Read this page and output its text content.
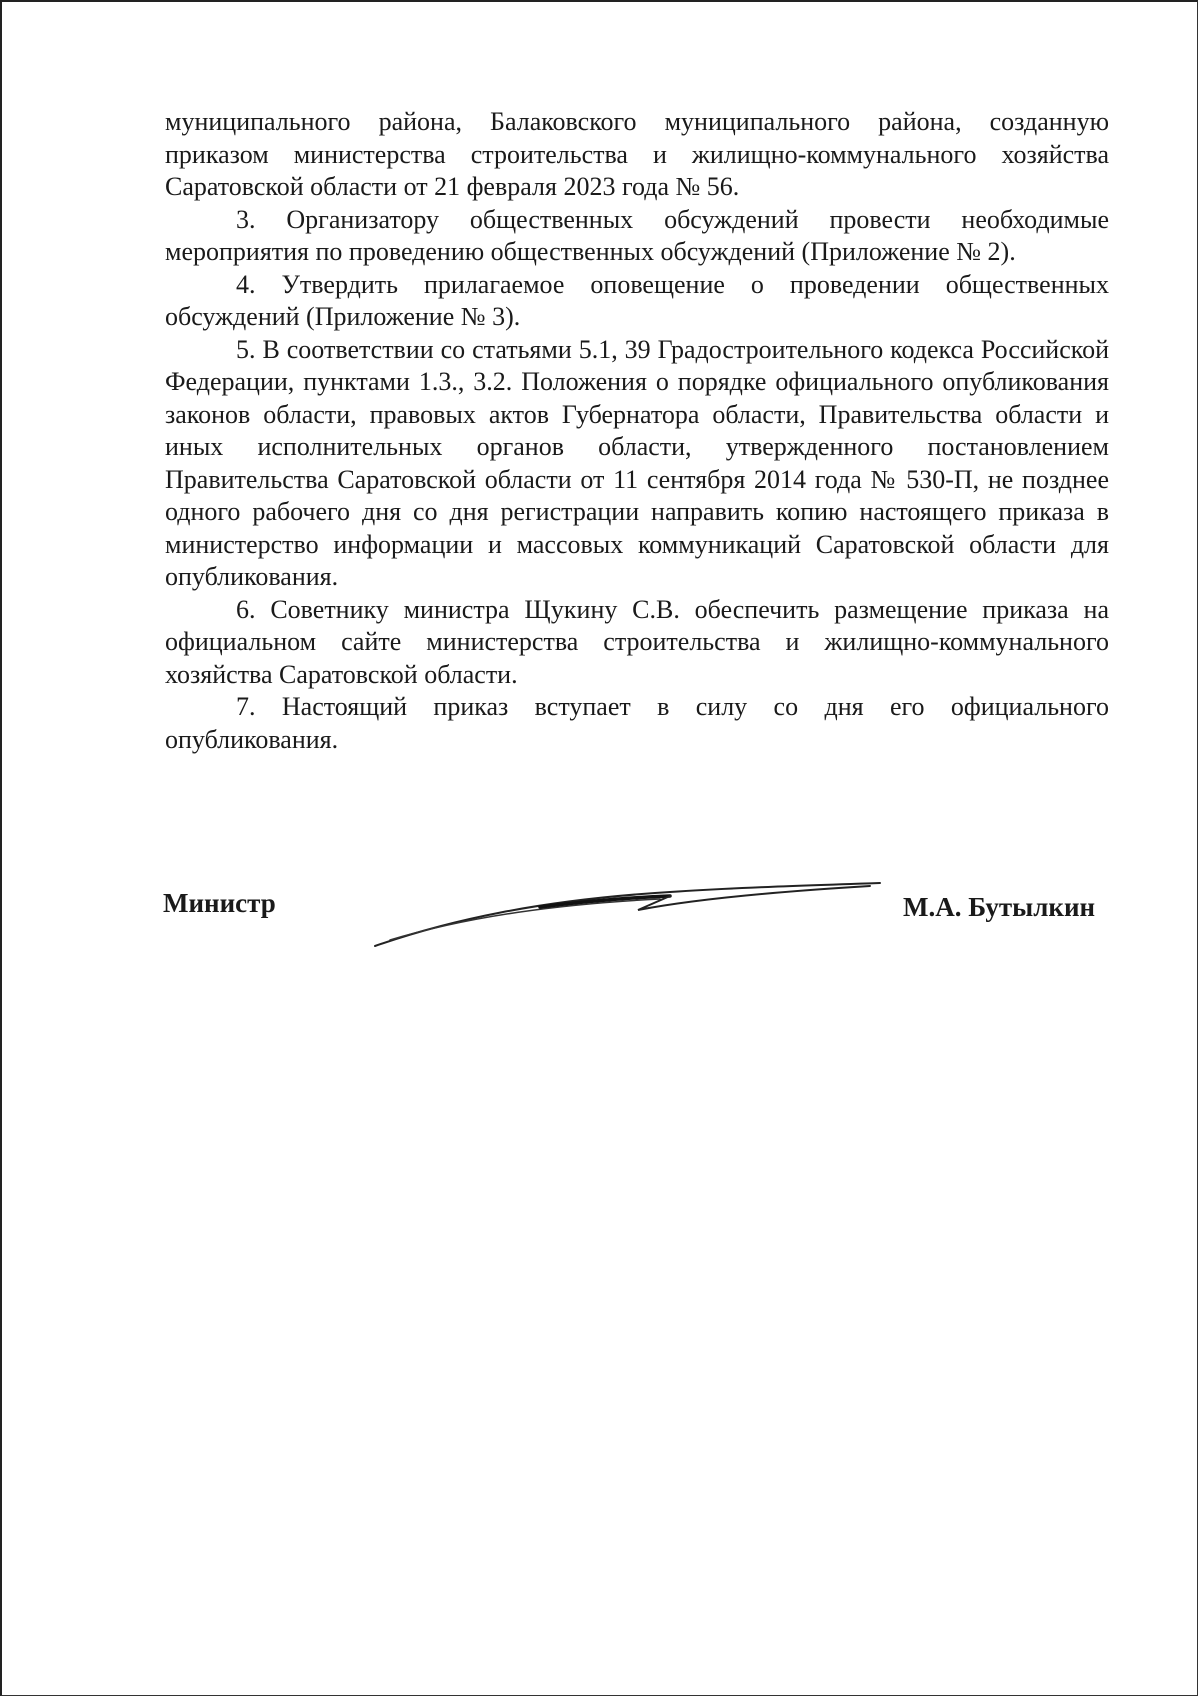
муниципального района, Балаковского муниципального района, созданную приказом министерства строительства и жилищно-коммунального хозяйства Саратовской области от 21 февраля 2023 года № 56.

3. Организатору общественных обсуждений провести необходимые мероприятия по проведению общественных обсуждений (Приложение № 2).

4. Утвердить прилагаемое оповещение о проведении общественных обсуждений (Приложение № 3).

5. В соответствии со статьями 5.1, 39 Градостроительного кодекса Российской Федерации, пунктами 1.3., 3.2. Положения о порядке официального опубликования законов области, правовых актов Губернатора области, Правительства области и иных исполнительных органов области, утвержденного постановлением Правительства Саратовской области от 11 сентября 2014 года № 530-П, не позднее одного рабочего дня со дня регистрации направить копию настоящего приказа в министерство информации и массовых коммуникаций Саратовской области для опубликования.

6. Советнику министра Щукину С.В. обеспечить размещение приказа на официальном сайте министерства строительства и жилищно-коммунального хозяйства Саратовской области.

7. Настоящий приказ вступает в силу со дня его официального опубликования.

Министр	М.А. Бутылкин
